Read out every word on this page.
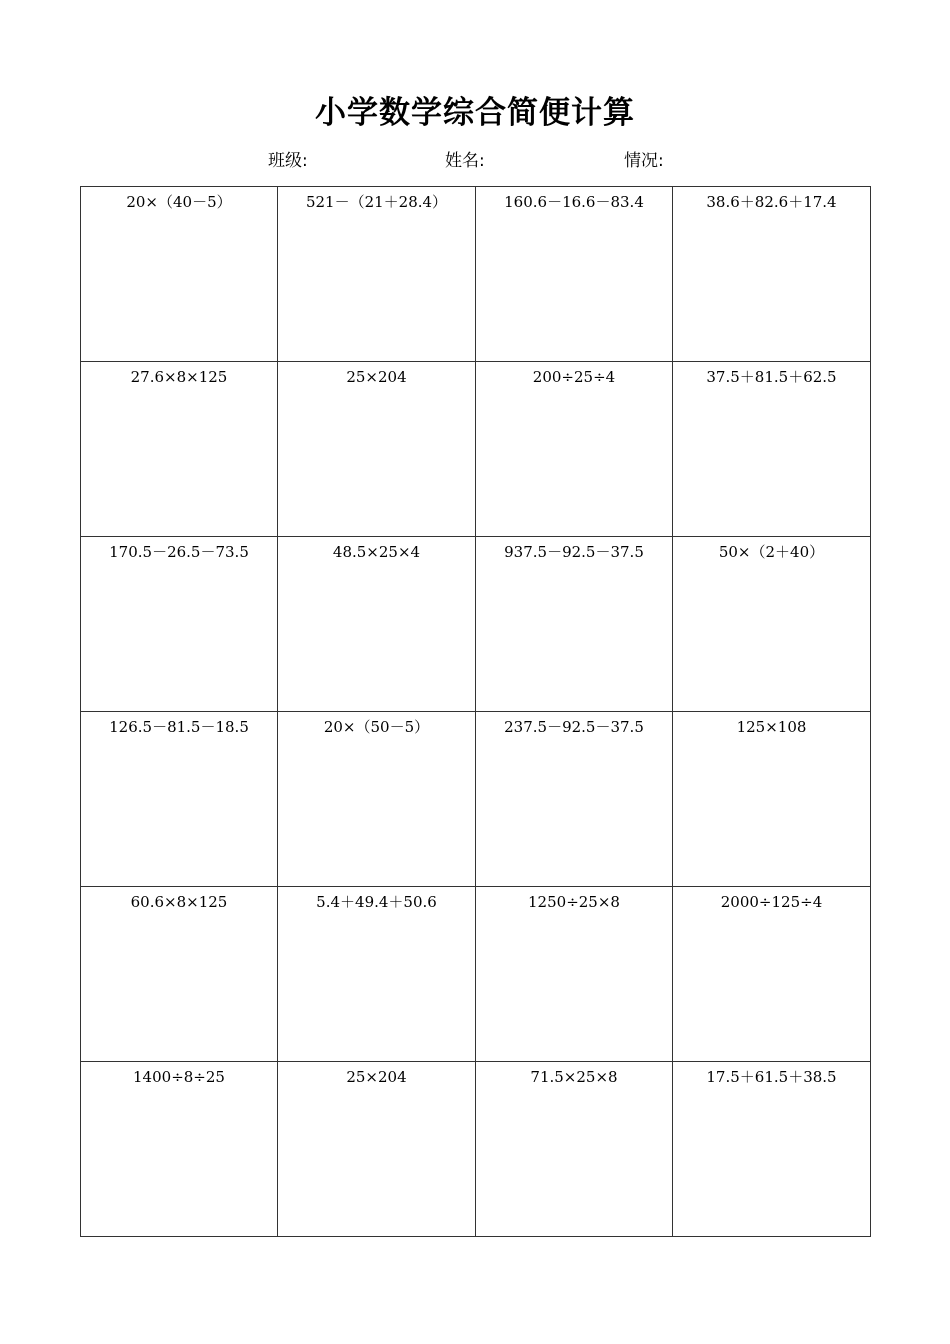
小学数学综合简便计算
班级:	姓名:	情况:
20×（40－5）	521－（21＋28.4）	160.6－16.6－83.4	38.6＋82.6＋17.4
27.6×8×125	25×204	200÷25÷4	37.5＋81.5＋62.5
170.5－26.5－73.5	48.5×25×4	937.5－92.5－37.5	50×（2＋40）
126.5－81.5－18.5	20×（50－5）	237.5－92.5－37.5	125×108
60.6×8×125	5.4＋49.4＋50.6	1250÷25×8	2000÷125÷4
1400÷8÷25	25×204	71.5×25×8	17.5＋61.5＋38.5
